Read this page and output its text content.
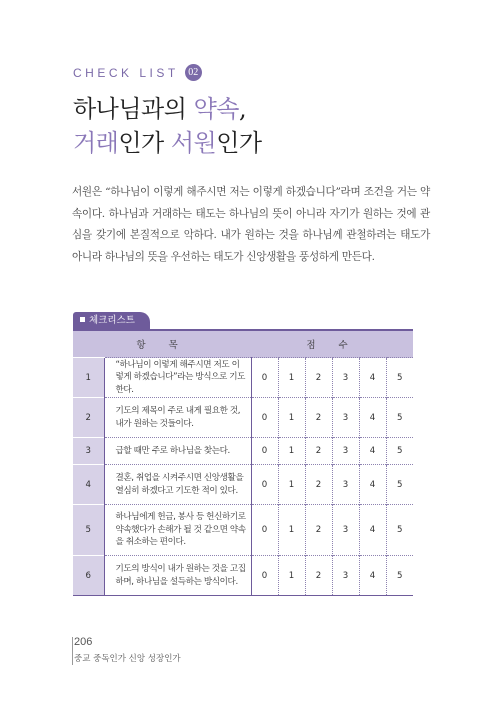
CHECK LIST 02
하나님과의 약속,
거래인가 서원인가
서원은 “하나님이 이렇게 해주시면 저는 이렇게 하겠습니다”라며 조건을 거는 약속이다. 하나님과 거래하는 태도는 하나님의 뜻이 아니라 자기가 원하는 것에 관심을 갖기에 본질적으로 악하다. 내가 원하는 것을 하나님께 관철하려는 태도가 아니라 하나님의 뜻을 우선하는 태도가 신앙생활을 풍성하게 만든다.
체크리스트
항 목		점 수					
1	“하나님이 이렇게 해주시면 저도 이렇게 하겠습니다”라는 방식으로 기도한다.	0	1	2	3	4	5
2	기도의 제목이 주로 내게 필요한 것, 내가 원하는 것들이다.	0	1	2	3	4	5
3	급할 때만 주로 하나님을 찾는다.	0	1	2	3	4	5
4	결혼, 취업을 시켜주시면 신앙생활을 열심히 하겠다고 기도한 적이 있다.	0	1	2	3	4	5
5	하나님에게 헌금, 봉사 등 헌신하기로 약속했다가 손해가 될 것 같으면 약속을 취소하는 편이다.	0	1	2	3	4	5
6	기도의 방식이 내가 원하는 것을 고집하며, 하나님을 설득하는 방식이다.	0	1	2	3	4	5
206
중교 중독인가 신앙 성장인가
